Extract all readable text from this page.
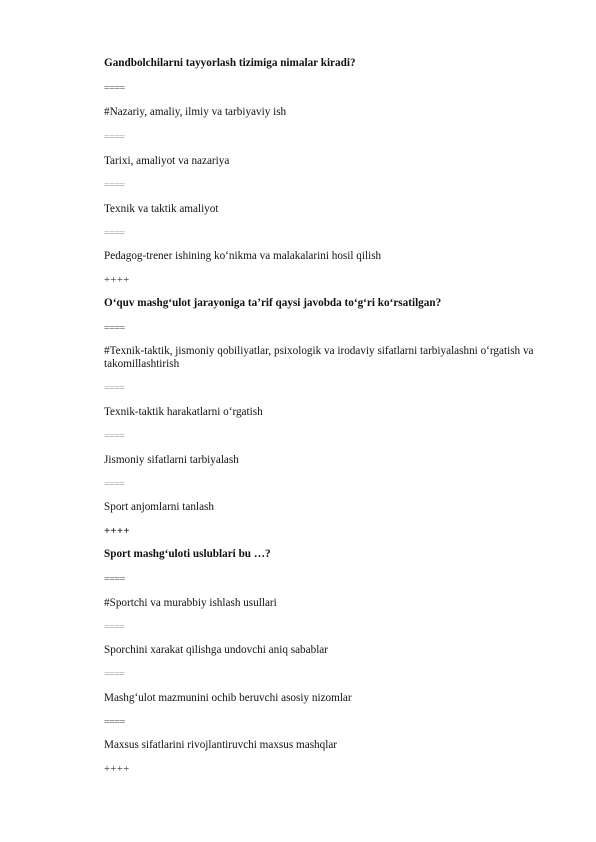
Gandbolchilarni tayyorlash tizimiga nimalar kiradi?
====
#Nazariy, amaliy, ilmiy va tarbiyaviy ish
====
Tarixi, amaliyot va nazariya
====
Texnik va taktik amaliyot
====
Pedagog-trener ishining ko‘nikma va malakalarini hosil qilish
++++
O‘quv mashg‘ulot jarayoniga ta’rif qaysi javobda to‘g‘ri ko‘rsatilgan?
====
#Texnik-taktik, jismoniy qobiliyatlar, psixologik va irodaviy sifatlarni tarbiyalashni o‘rgatish va takomillashtirish
====
Texnik-taktik harakatlarni o‘rgatish
====
Jismoniy sifatlarni tarbiyalash
====
Sport anjomlarni tanlash
++++
Sport mashg‘uloti uslublari bu …?
====
#Sportchi va murabbiy ishlash usullari
====
Sporchini xarakat qilishga undovchi aniq sabablar
====
Mashg‘ulot mazmunini ochib beruvchi asosiy nizomlar
====
Maxsus sifatlarini rivojlantiruvchi maxsus mashqlar
++++
